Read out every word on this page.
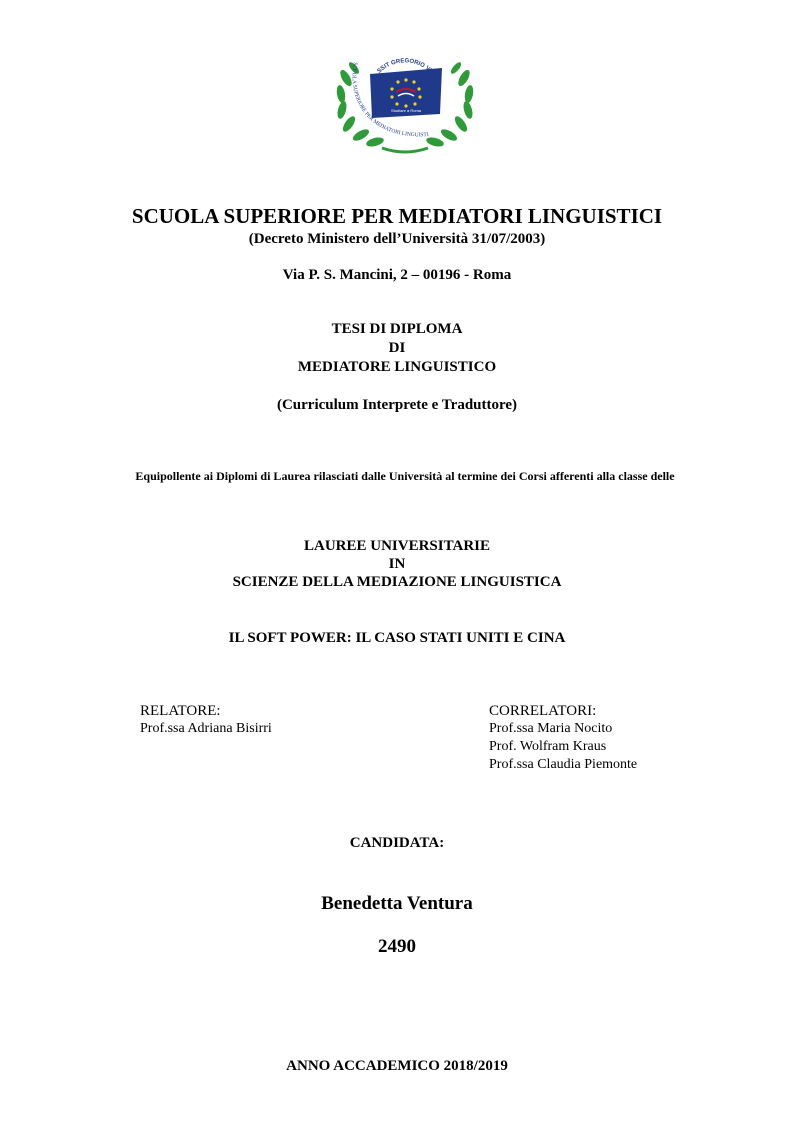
Studiare a Roma
SSIT GREGORIO VII
SCUOLA SUPERIORE PER MEDIATORI LINGUISTI
SCUOLA SUPERIORE PER MEDIATORI LINGUISTICI
(Decreto Ministero dell’Università 31/07/2003)
Via P. S. Mancini, 2 – 00196 - Roma
TESI DI DIPLOMA
DI
MEDIATORE LINGUISTICO
(Curriculum Interprete e Traduttore)
Equipollente ai Diplomi di Laurea rilasciati dalle Università al termine dei Corsi afferenti alla classe delle
LAUREE UNIVERSITARIE
IN
SCIENZE DELLA MEDIAZIONE LINGUISTICA
IL SOFT POWER: IL CASO STATI UNITI E CINA
RELATORE:
Prof.ssa Adriana Bisirri
CORRELATORI:
Prof.ssa Maria Nocito
Prof. Wolfram Kraus
Prof.ssa Claudia Piemonte
CANDIDATA:
Benedetta Ventura
2490
ANNO ACCADEMICO 2018/2019
